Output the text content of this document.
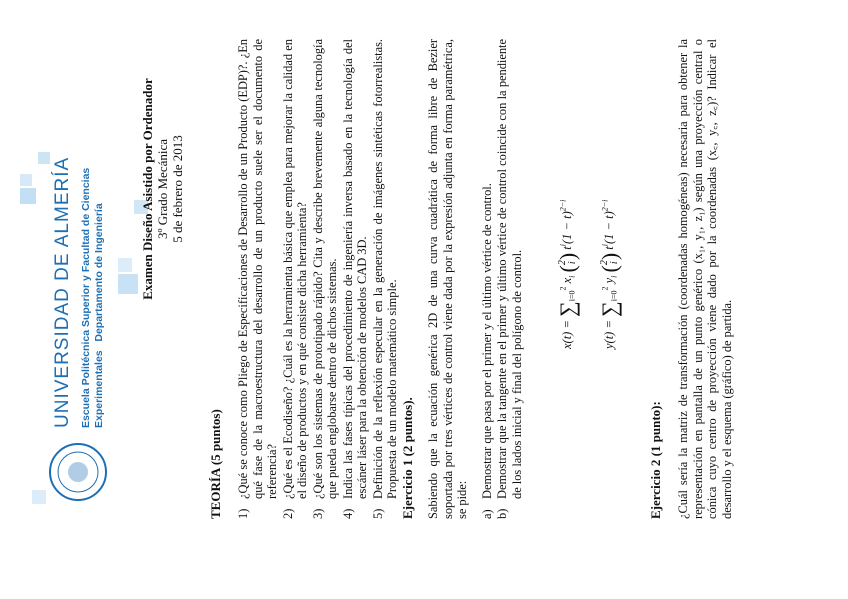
UNIVERSIDAD DE ALMERÍA Escuela Politécnica Superior y Facultad de Ciencias Experimentales   Departamento de Ingeniería
Examen Diseño Asistido por Ordenador 3º Grado Mecánica 5 de febrero de 2013
TEORÍA (5 puntos) 1)
¿Qué se conoce como Pliego de Especificaciones de Desarrollo de un Producto (EDP)?. ¿En qué fase de la macroestructura del desarrollo de un producto suele ser el documento de referencia?
2)
¿Qué es el Ecodiseño? ¿Cuál es la herramienta básica que emplea para mejorar la calidad en el diseño de productos y en qué consiste dicha herramienta?
3)
¿Qué son los sistemas de prototipado rápido? Cita y describe brevemente alguna tecnología que pueda englobarse dentro de dichos sistemas.
4)
Indica las fases típicas del procedimiento de ingeniería inversa basado en la tecnología del escáner láser para la obtención de modelos CAD 3D.
5)
Definición de la reflexión especular en la generación de imágenes sintéticas fotorrealistas. Propuesta de un modelo matemático simple. Ejercicio 1 (2 puntos). Sabiendo que la ecuación genérica 2D de una curva cuadrática de forma libre de Bezier soportada por tres vértices de control viene dada por la expresión adjunta en forma paramétrica, se pide: a)
Demostrar que pasa por el primer y el último vértice de control.
b)
Demostrar que la tangente en el primer y último vértice de control coincide con la pendiente de los lados inicial y final del polígono de control.	$x(t) = \sum_{i=0}^2$ $x_i$ (2
i) $t^i(1 - t)^{2-i}$
$y(t) = \sum_{i=0}^2$ $y_i$ (2
i) $t^i(1 - t)^{2-i}$
Ejercicio 2 (1 punto): ¿Cuál sería la matriz de transformación (coordenadas homogéneas) necesaria para obtener la representación en pantalla de un punto genérico (x₁, y₁, z₁) según una proyección central o cónica cuyo centro de proyección viene dado por la coordenadas (x꜀, y꜀, z꜀)? Indicar el desarrollo y el esquema (gráfico) de partida.
